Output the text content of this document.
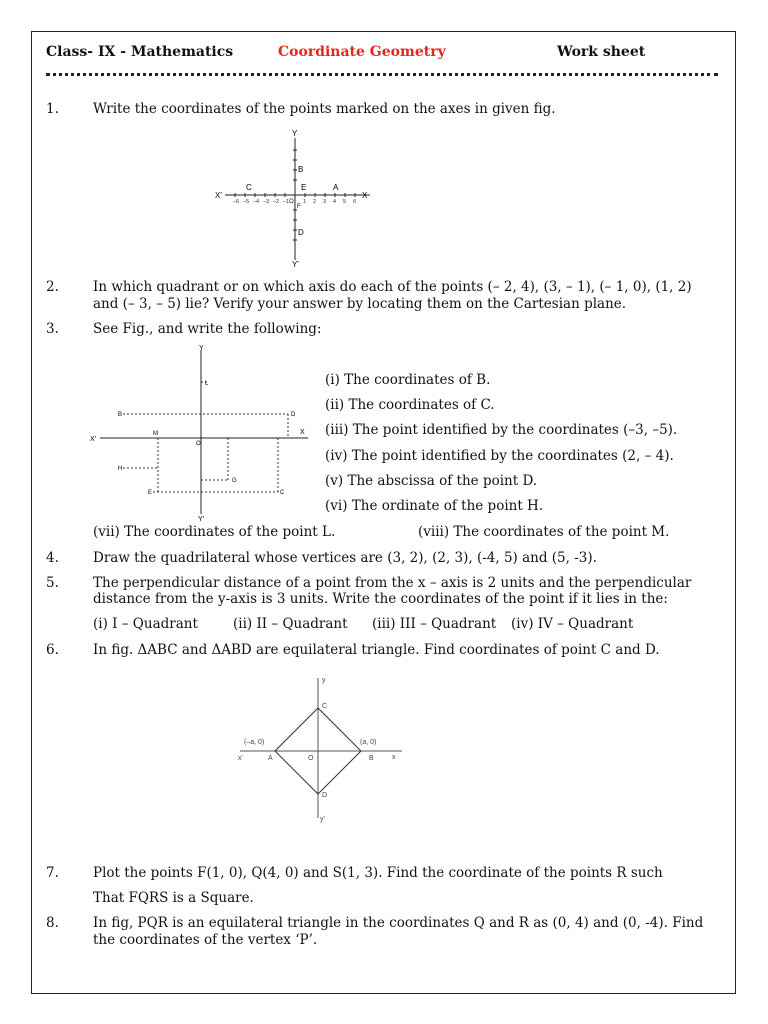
Class- IX - Mathematics	Coordinate Geometry	Work sheet
1.	Write the coordinates of the points marked on the axes in given fig.
X'	X
Y
Y'
C	E	A
B
D
F
O
–6 –5 –4 –3 –2 –1	1 2 3 4 5 6
2.	In which quadrant or on which axis do each of the points (– 2, 4), (3, – 1), (– 1, 0), (1, 2)
and (– 3, – 5) lie? Verify your answer by locating them on the Cartesian plane.
3.	See Fig., and write the following:
X'
X
Y
Y'
O
B	D
L
M
H
G
E	C
(i) The coordinates of B.
(ii) The coordinates of C.
(iii) The point identified by the coordinates (–3, –5).
(iv) The point identified by the coordinates (2, – 4).
(v) The abscissa of the point D.
(vi) The ordinate of the point H.
(vii) The coordinates of the point L.	(viii) The coordinates of the point M.
4.	Draw the quadrilateral whose vertices are (3, 2), (2, 3), (-4, 5) and (5, -3).
5.	The perpendicular distance of a point from the x – axis is 2 units and the perpendicular
distance from the y-axis is 3 units. Write the coordinates of the point if it lies in the:
(i) I – Quadrant	(ii) II – Quadrant (iii) III – Quadrant (iv) IV – Quadrant
6.	In fig. ΔABC and ΔABD are equilateral triangle. Find coordinates of point C and D.
y
y'
x'	x
C
D
A	B
O
(–a, 0)	(a, 0)
7.	Plot the points F(1, 0), Q(4, 0) and S(1, 3). Find the coordinate of the points R such
That FQRS is a Square.
8.	In fig, PQR is an equilateral triangle in the coordinates Q and R as (0, 4) and (0, -4). Find
the coordinates of the vertex ‘P’.
